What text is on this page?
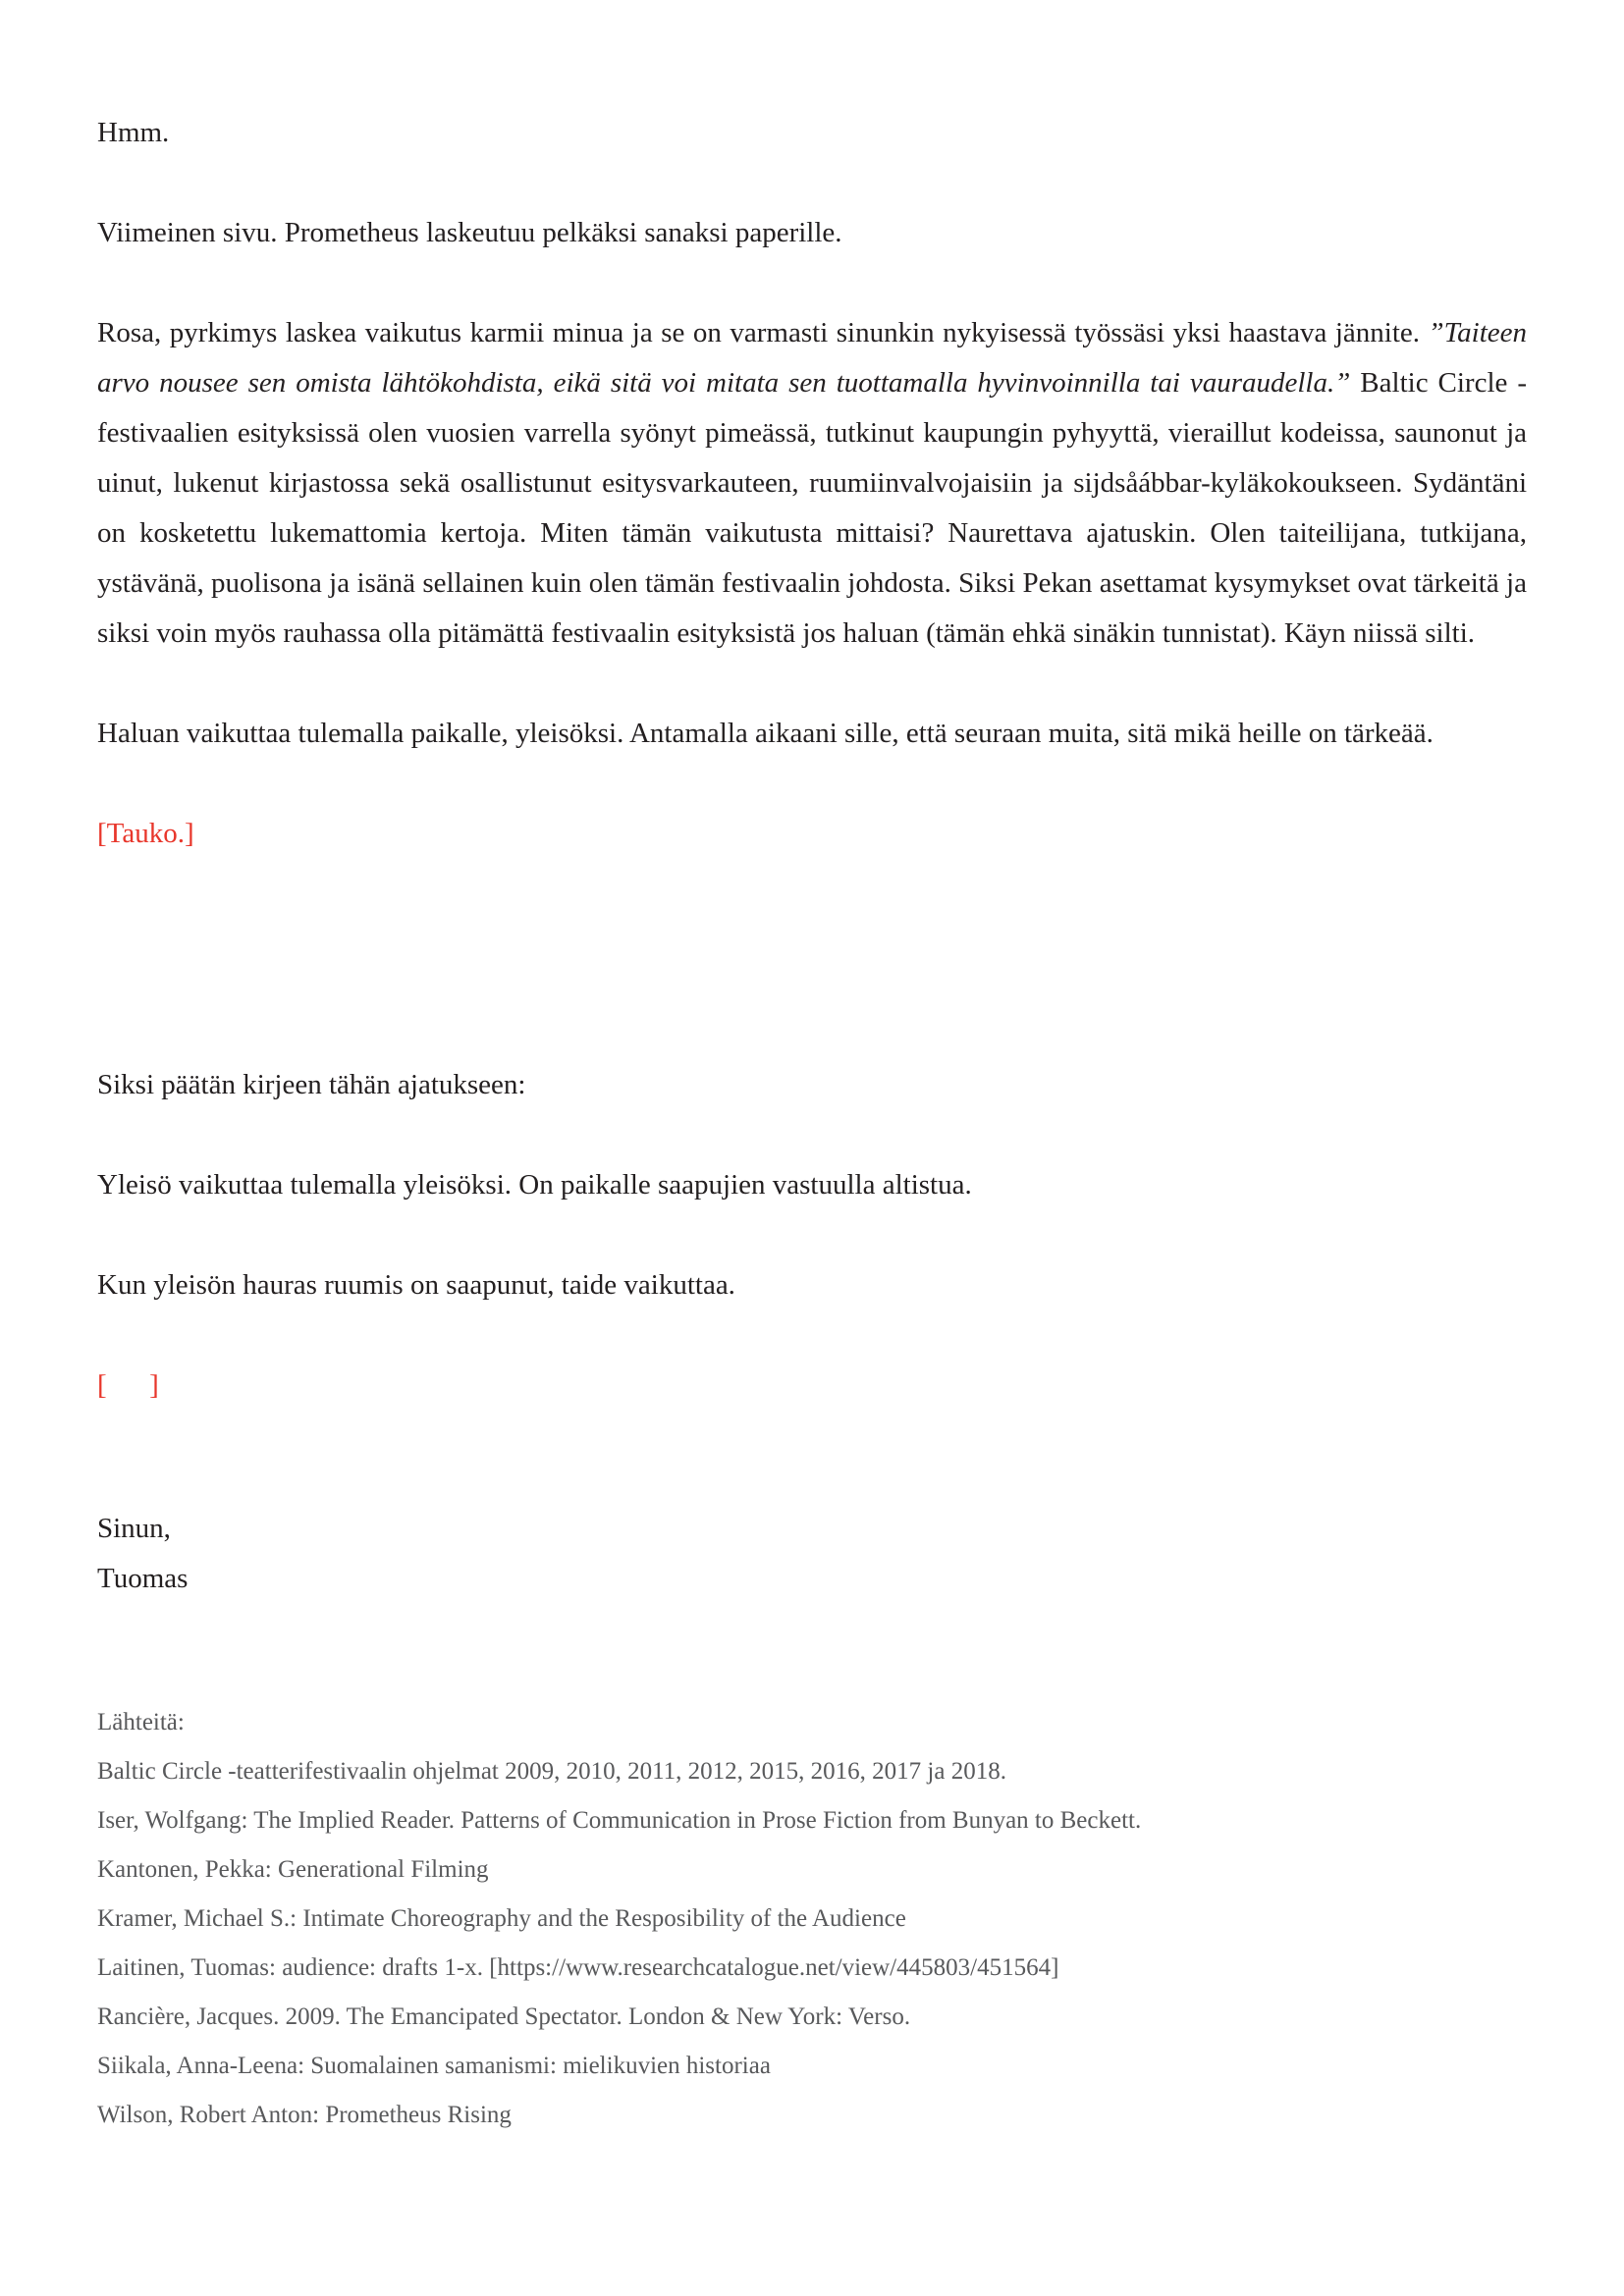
Hmm.

Viimeinen sivu. Prometheus laskeutuu pelkäksi sanaksi paperille.

Rosa, pyrkimys laskea vaikutus karmii minua ja se on varmasti sinunkin nykyisessä työssäsi yksi haastava jännite. ”Taiteen arvo nousee sen omista lähtökohdista, eikä sitä voi mitata sen tuottamalla hyvinvoinnilla tai vauraudella.” Baltic Circle -festivaalien esityksissä olen vuosien varrella syönyt pimeässä, tutkinut kaupungin pyhyyttä, vieraillut kodeissa, saunonut ja uinut, lukenut kirjastossa sekä osallistunut esitysvarkauteen, ruumiinvalvojaisiin ja sijdsåábbar-kyläkokoukseen. Sydäntäni on kosketettu lukemattomia kertoja. Miten tämän vaikutusta mittaisi? Naurettava ajatuskin. Olen taiteilijana, tutkijana, ystävänä, puolisona ja isänä sellainen kuin olen tämän festivaalin johdosta. Siksi Pekan asettamat kysymykset ovat tärkeitä ja siksi voin myös rauhassa olla pitämättä festivaalin esityksistä jos haluan (tämän ehkä sinäkin tunnistat). Käyn niissä silti.

Haluan vaikuttaa tulemalla paikalle, yleisöksi. Antamalla aikaani sille, että seuraan muita, sitä mikä heille on tärkeää.

[Tauko.]

Siksi päätän kirjeen tähän ajatukseen:

Yleisö vaikuttaa tulemalla yleisöksi. On paikalle saapujien vastuulla altistua.

Kun yleisön hauras ruumis on saapunut, taide vaikuttaa.

[  ]

Sinun,
Tuomas

Lähteitä:

Baltic Circle -teatterifestivaalin ohjelmat 2009, 2010, 2011, 2012, 2015, 2016, 2017 ja 2018.

Iser, Wolfgang: The Implied Reader. Patterns of Communication in Prose Fiction from Bunyan to Beckett.

Kantonen, Pekka: Generational Filming

Kramer, Michael S.: Intimate Choreography and the Resposibility of the Audience

Laitinen, Tuomas: audience: drafts 1-x. [https://www.researchcatalogue.net/view/445803/451564]

Rancière, Jacques. 2009. The Emancipated Spectator. London & New York: Verso.

Siikala, Anna-Leena: Suomalainen samanismi: mielikuvien historiaa

Wilson, Robert Anton: Prometheus Rising
